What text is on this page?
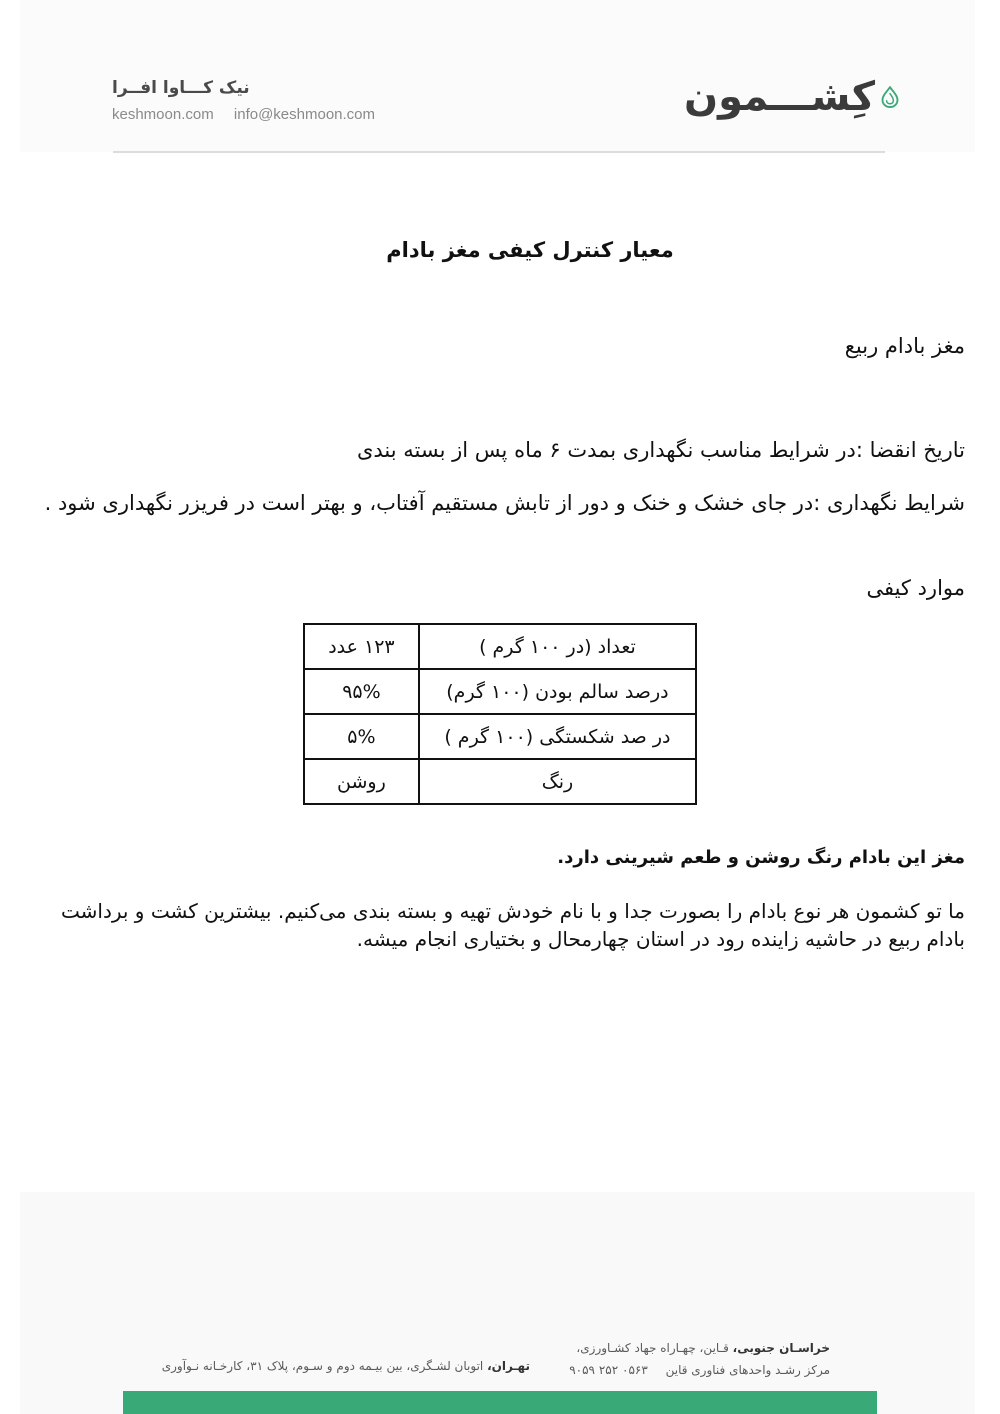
نیک کـــاوا افــرا
keshmoon.com info@keshmoon.com	کِشـــمون
معیار کنترل کیفی مغز بادام
مغز بادام ربیع
تاریخ انقضا :در شرایط مناسب نگهداری بمدت ۶ ماه پس از بسته بندی
شرایط نگهداری :در جای خشک و خنک و دور از تابش مستقیم آفتاب، و بهتر است در فریزر نگهداری شود .
موارد کیفی
تعداد (در ۱۰۰ گرم )	۱۲۳ عدد
درصد سالم بودن (۱۰۰ گرم)	۹۵%
در صد شکستگی (۱۰۰ گرم )	۵%
رنگ	روشن
مغز این بادام رنگ روشن و طعم شیرینی دارد.
ما تو کشمون هر نوع بادام را بصورت جدا و با نام خودش تهیه و بسته بندی می‌کنیم. بیشترین کشت و برداشت بادام ربیع در حاشیه زاینده رود در استان چهارمحال و بختیاری انجام میشه.
خراسـان جنوبی، قـاین، چهـاراه جهاد کشـاورزی،
مرکز رشـد واحدهای فناوری قاین ۰۵۶۳ ۲۵۲ ۹۰۵۹
تهـران، اتوبان لشـگری، بین بیـمه دوم و سـوم، پلاک ۳۱، کارخـانه نـوآوری
